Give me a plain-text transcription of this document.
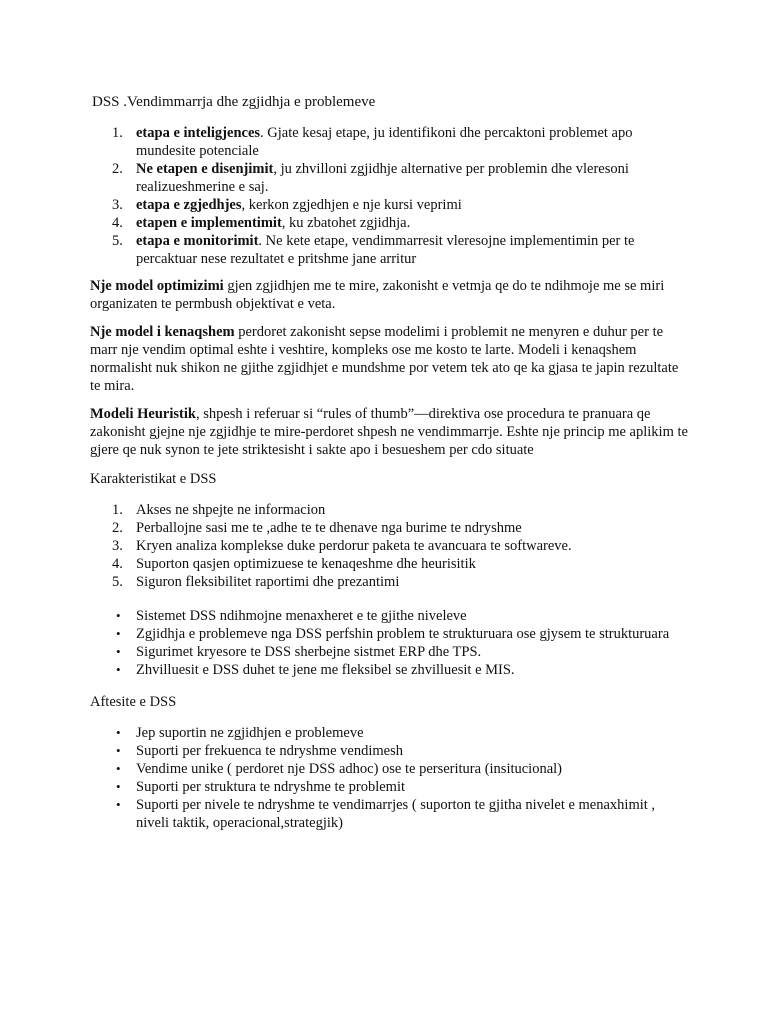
DSS .Vendimmarrja dhe zgjidhja e problemeve
1. etapa e inteligjences. Gjate kesaj etape, ju identifikoni dhe percaktoni problemet apo mundesite potenciale
2. Ne etapen e disenjimit, ju zhvilloni zgjidhje alternative per problemin dhe vleresoni realizueshmerine e saj.
3. etapa e zgjedhjes, kerkon zgjedhjen e nje kursi veprimi
4. etapen e implementimit, ku zbatohet zgjidhja.
5. etapa e monitorimit. Ne kete etape, vendimmarresit vleresojne implementimin per te percaktuar nese rezultatet e pritshme jane arritur

Nje model optimizimi gjen zgjidhjen me te mire, zakonisht e vetmja qe do te ndihmoje me se miri organizaten te permbush objektivat e veta.

Nje model i kenaqshem perdoret zakonisht sepse modelimi i problemit ne menyren e duhur per te marr nje vendim optimal eshte i veshtire, kompleks ose me kosto te larte. Modeli i kenaqshem normalisht nuk shikon ne gjithe zgjidhjet e mundshme por vetem tek ato qe ka gjasa te japin rezultate te mira.

Modeli Heuristik, shpesh i referuar si “rules of thumb”—direktiva ose procedura te pranuara qe zakonisht gjejne nje zgjidhje te mire-perdoret shpesh ne vendimmarrje. Eshte nje princip me aplikim te gjere qe nuk synon te jete striktesisht i sakte apo i besueshem per cdo situate

Karakteristikat e DSS

1. Akses ne shpejte ne informacion
2. Perballojne sasi me te ,adhe te te dhenave nga burime te ndryshme
3. Kryen analiza komplekse duke perdorur paketa te avancuara te softwareve.
4. Suporton qasjen optimizuese te kenaqeshme dhe heurisitik
5. Siguron fleksibilitet raportimi dhe prezantimi
• Sistemet DSS ndihmojne menaxheret e te gjithe niveleve
• Zgjidhja e problemeve nga DSS perfshin problem te strukturuara ose gjysem te strukturuara
• Sigurimet kryesore te DSS sherbejne sistmet ERP dhe TPS.
• Zhvilluesit e DSS duhet te jene me fleksibel se zhvilluesit e MIS.

Aftesite e DSS

• Jep suportin ne zgjidhjen e problemeve
• Suporti per frekuenca te ndryshme vendimesh
• Vendime unike ( perdoret nje DSS adhoc) ose te perseritura (insitucional)
• Suporti per struktura te ndryshme te problemit
• Suporti per nivele te ndryshme te vendimarrjes ( suporton te gjitha nivelet e menaxhimit , niveli taktik, operacional,strategjik)
